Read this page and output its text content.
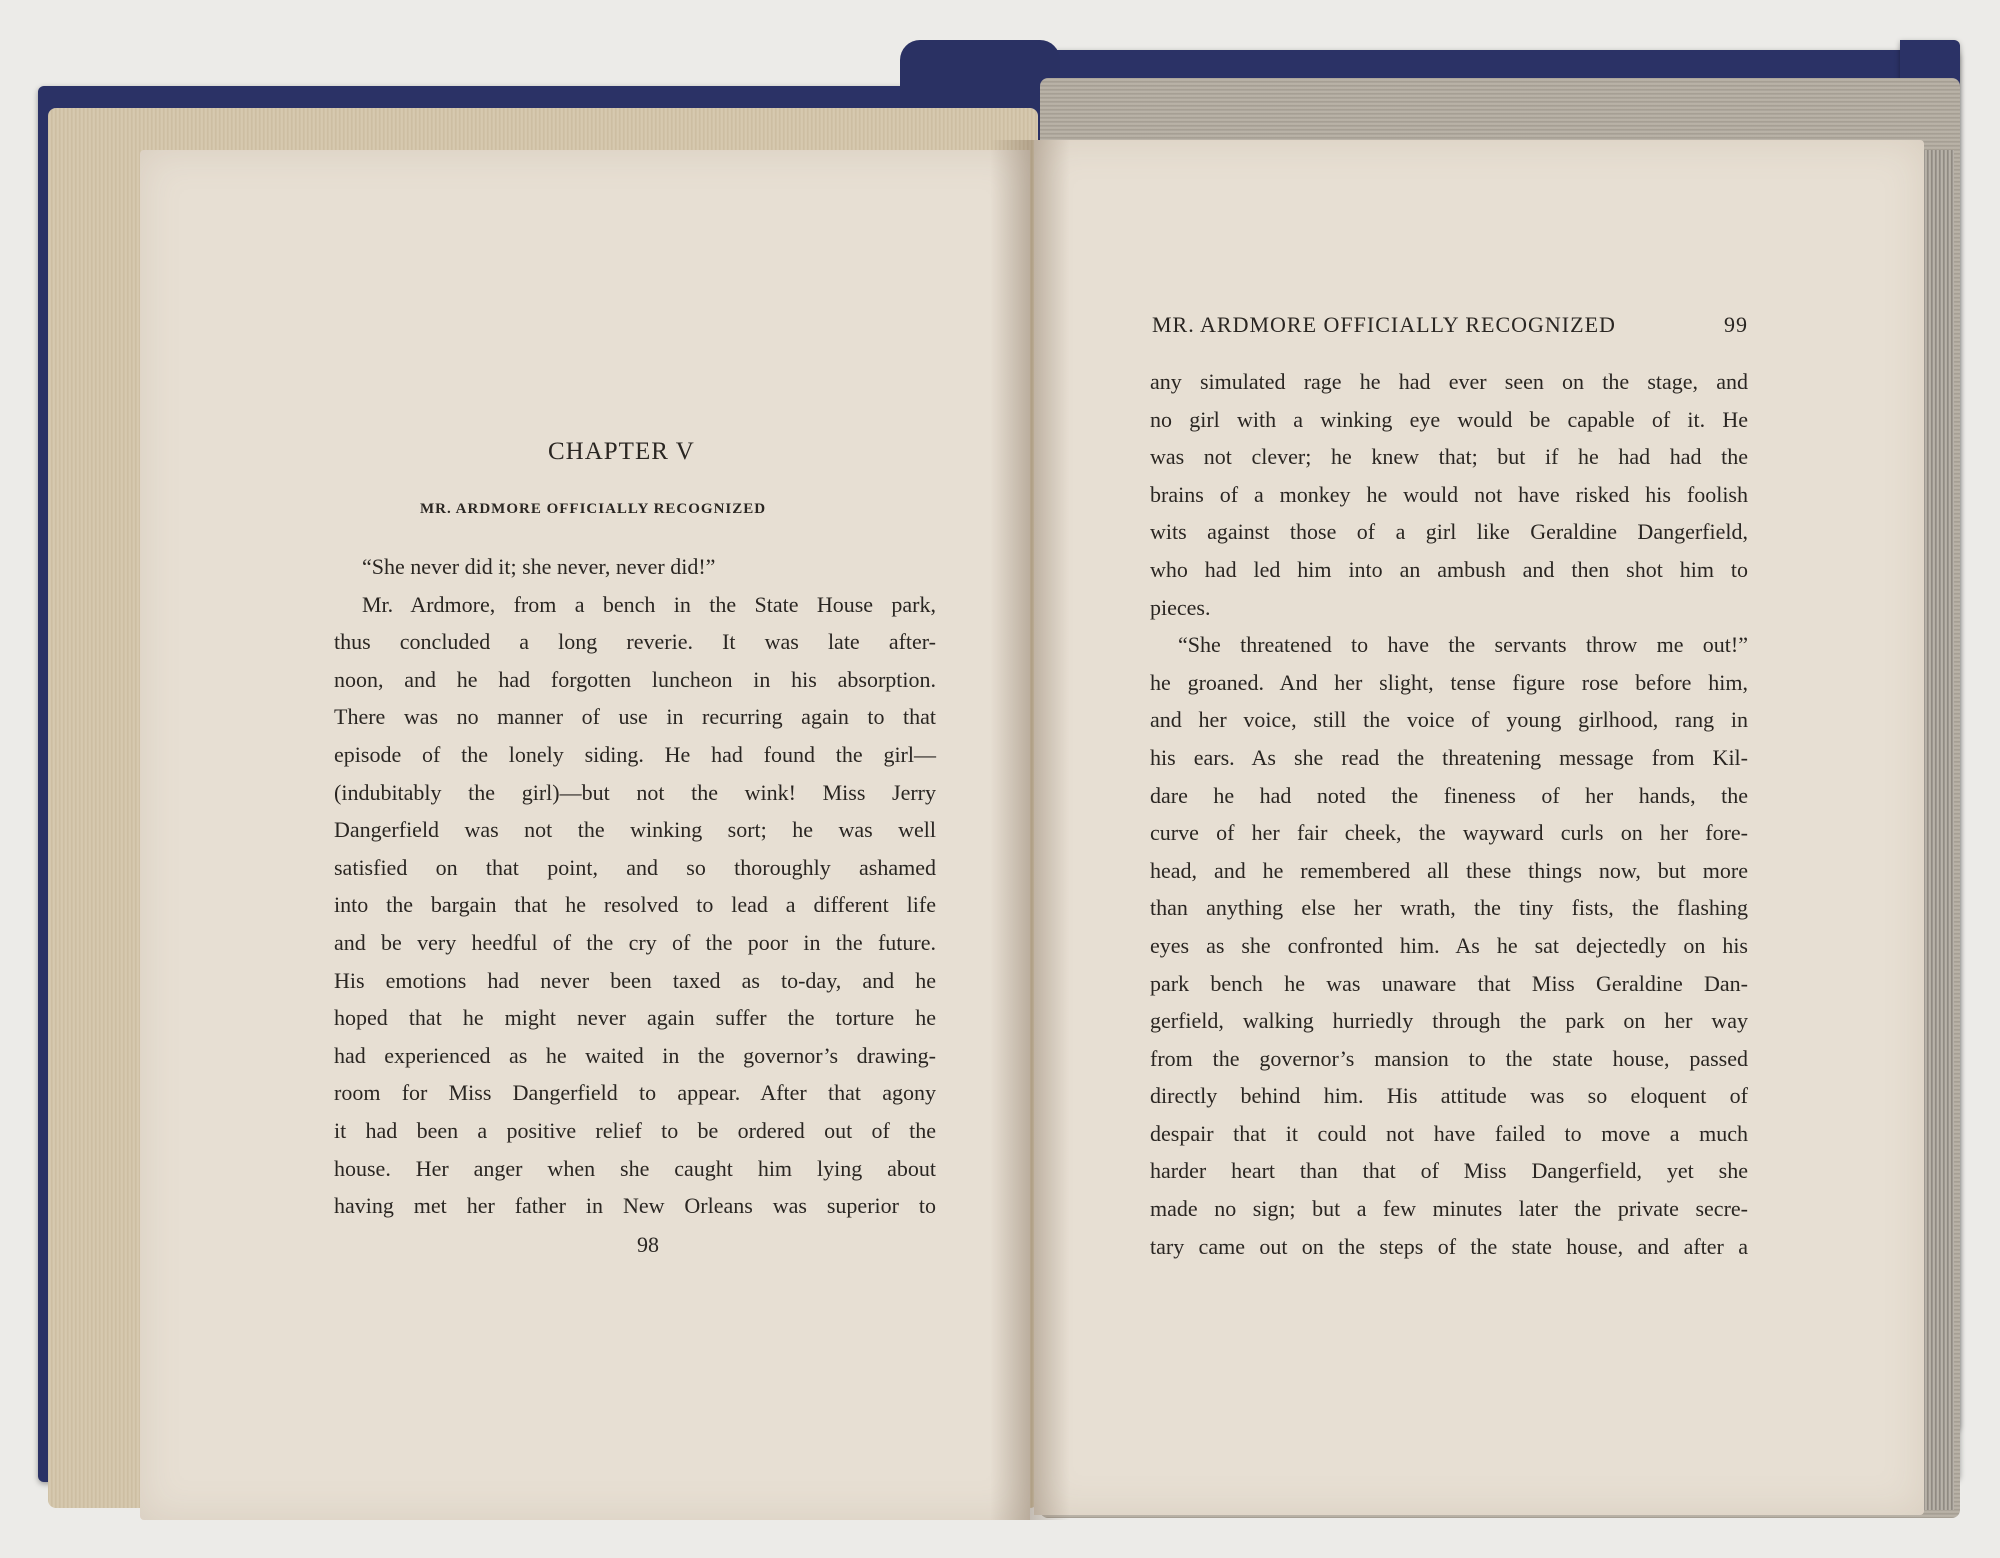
CHAPTER V
MR. ARDMORE OFFICIALLY RECOGNIZED
“She never did it; she never, never did!”
Mr. Ardmore, from a bench in the State House park,
thus concluded a long reverie. It was late after-
noon, and he had forgotten luncheon in his absorption.
There was no manner of use in recurring again to that
episode of the lonely siding. He had found the girl—
(indubitably the girl)—but not the wink! Miss Jerry
Dangerfield was not the winking sort; he was well
satisfied on that point, and so thoroughly ashamed
into the bargain that he resolved to lead a different life
and be very heedful of the cry of the poor in the future.
His emotions had never been taxed as to-day, and he
hoped that he might never again suffer the torture he
had experienced as he waited in the governor’s drawing-
room for Miss Dangerfield to appear. After that agony
it had been a positive relief to be ordered out of the
house. Her anger when she caught him lying about
having met her father in New Orleans was superior to
98
MR. ARDMORE OFFICIALLY RECOGNIZED	99
any simulated rage he had ever seen on the stage, and
no girl with a winking eye would be capable of it. He
was not clever; he knew that; but if he had had the
brains of a monkey he would not have risked his foolish
wits against those of a girl like Geraldine Dangerfield,
who had led him into an ambush and then shot him to
pieces.
“She threatened to have the servants throw me out!”
he groaned. And her slight, tense figure rose before him,
and her voice, still the voice of young girlhood, rang in
his ears. As she read the threatening message from Kil-
dare he had noted the fineness of her hands, the
curve of her fair cheek, the wayward curls on her fore-
head, and he remembered all these things now, but more
than anything else her wrath, the tiny fists, the flashing
eyes as she confronted him. As he sat dejectedly on his
park bench he was unaware that Miss Geraldine Dan-
gerfield, walking hurriedly through the park on her way
from the governor’s mansion to the state house, passed
directly behind him. His attitude was so eloquent of
despair that it could not have failed to move a much
harder heart than that of Miss Dangerfield, yet she
made no sign; but a few minutes later the private secre-
tary came out on the steps of the state house, and after a
